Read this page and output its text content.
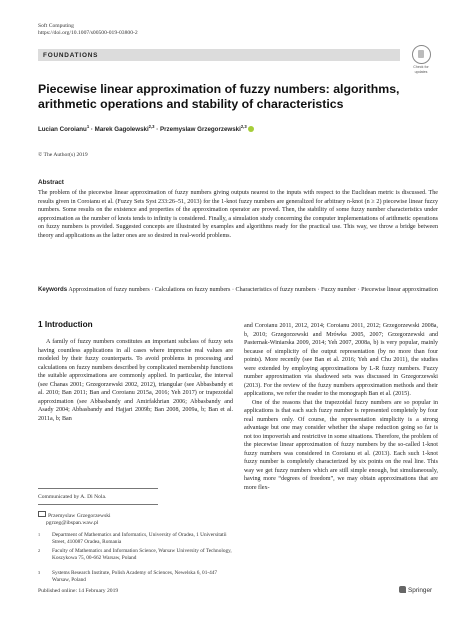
Soft Computing
https://doi.org/10.1007/s00500-019-03800-2
FOUNDATIONS
Check for
updates
Piecewise linear approximation of fuzzy numbers: algorithms,
arithmetic operations and stability of characteristics
Lucian Coroianu$^1$ · Marek Gagolewski$^{2,3}$ · Przemyslaw Grzegorzewski$^{2,3}$
© The Author(s) 2019
Abstract
The problem of the piecewise linear approximation of fuzzy numbers giving outputs nearest to the inputs with respect to the Euclidean metric is discussed. The results given in Coroianu et al. (Fuzzy Sets Syst 233:26–51, 2013) for the 1-knot fuzzy numbers are generalized for arbitrary n-knot (n ≥ 2) piecewise linear fuzzy numbers. Some results on the existence and properties of the approximation operator are proved. Then, the stability of some fuzzy number characteristics under approximation as the number of knots tends to infinity is considered. Finally, a simulation study concerning the computer implementations of arithmetic operations on fuzzy numbers is provided. Suggested concepts are illustrated by examples and algorithms ready for the practical use. This way, we throw a bridge between theory and applications as the latter ones are so desired in real-world problems.
Keywords Approximation of fuzzy numbers · Calculations on fuzzy numbers · Characteristics of fuzzy numbers · Fuzzy number · Piecewise linear approximation
1 Introduction

A family of fuzzy numbers constitutes an important subclass of fuzzy sets having countless applications in all cases where imprecise real values are modeled by their fuzzy counterparts. To avoid problems in processing and calculations on fuzzy numbers described by complicated membership functions the suitable approximations are commonly applied. In particular, the interval (see Chanas 2001; Grzegorzewski 2002, 2012), triangular (see Abbasbandy et al. 2010; Ban 2011; Ban and Coroianu 2015a, 2016; Yeh 2017) or trapezoidal approximation (see Abbasbandy and Amirfakhrian 2006; Abbasbandy and Asady 2004; Abbasbandy and Hajjari 2009b; Ban 2008, 2009a, b; Ban et al. 2011a, b; Ban

and Coroianu 2011, 2012, 2014; Coroianu 2011, 2012; Grzegorzewski 2008a, b, 2010; Grzegorzewski and Mrówka 2005, 2007; Grzegorzewski and Pasternak-Winiarska 2009, 2014; Yeh 2007, 2008a, b) is very popular, mainly because of simplicity of the output representation (by no more than four points). More recently (see Ban et al. 2016; Yeh and Chu 2011), the studies were extended by employing approximations by L-R fuzzy numbers. Fuzzy number approximation via shadowed sets was discussed in Grzegorzewski (2013). For the review of the fuzzy numbers approximation methods and their applications, we refer the reader to the monograph Ban et al. (2015).

One of the reasons that the trapezoidal fuzzy numbers are so popular in applications is that each such fuzzy number is represented completely by four real numbers only. Of course, the representation simplicity is a strong advantage but one may consider whether the shape reduction going so far is not too impoverish and restrictive in some situations. Therefore, the problem of the piecewise linear approximation of fuzzy numbers by the so-called 1-knot fuzzy numbers was considered in Coroianu et al. (2013). Each such 1-knot fuzzy number is completely characterized by six points on the real line. This way we get fuzzy numbers which are still simple enough, but simultaneously, having more “degrees of freedom”, we may obtain approximations that are more flex-

Communicated by A. Di Nola.
Przemyslaw Grzegorzewski
pgrzeg@ibspan.waw.pl
1 Department of Mathematics and Informatics, University of Oradea, 1 Universitatii Street, 410087 Oradea, Romania
2 Faculty of Mathematics and Information Science, Warsaw University of Technology, Koszykowa 75, 00-662 Warsaw, Poland
3 Systems Research Institute, Polish Academy of Sciences, Newelska 6, 01-447 Warsaw, Poland
Published online: 14 February 2019	Springer
